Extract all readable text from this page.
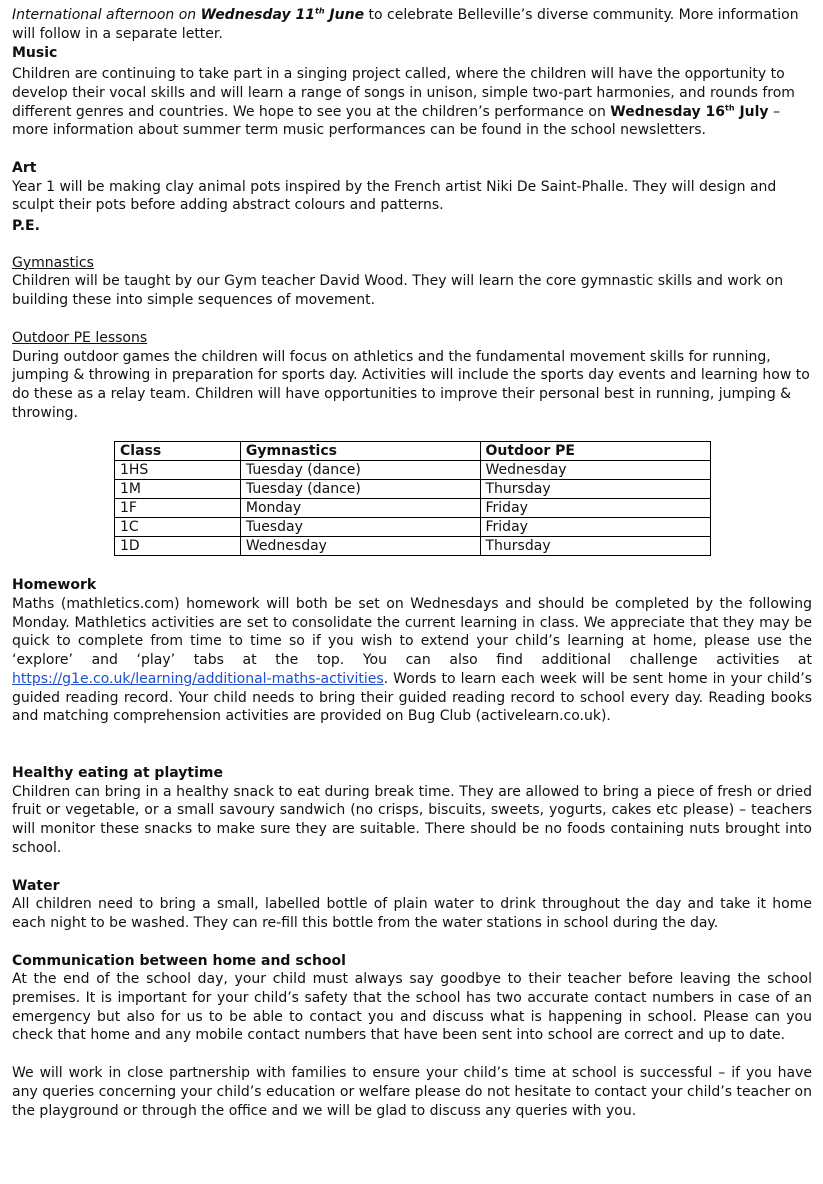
International afternoon on Wednesday 11th June to celebrate Belleville’s diverse community. More information will follow in a separate letter.

Music

Children are continuing to take part in a singing project called, where the children will have the opportunity to develop their vocal skills and will learn a range of songs in unison, simple two-part harmonies, and rounds from different genres and countries. We hope to see you at the children’s performance on Wednesday 16th July – more information about summer term music performances can be found in the school newsletters.

Art

Year 1 will be making clay animal pots inspired by the French artist Niki De Saint-Phalle. They will design and sculpt their pots before adding abstract colours and patterns.

P.E.

Gymnastics

Children will be taught by our Gym teacher David Wood. They will learn the core gymnastic skills and work on building these into simple sequences of movement.

Outdoor PE lessons

During outdoor games the children will focus on athletics and the fundamental movement skills for running, jumping & throwing in preparation for sports day. Activities will include the sports day events and learning how to do these as a relay team. Children will have opportunities to improve their personal best in running, jumping & throwing.

Class	Gymnastics	Outdoor PE
1HS	Tuesday (dance)	Wednesday
1M	Tuesday (dance)	Thursday
1F	Monday	Friday
1C	Tuesday	Friday
1D	Wednesday	Thursday

Homework

Maths (mathletics.com) homework will both be set on Wednesdays and should be completed by the following Monday. Mathletics activities are set to consolidate the current learning in class. We appreciate that they may be quick to complete from time to time so if you wish to extend your child’s learning at home, please use the ‘explore’ and ‘play’ tabs at the top. You can also find additional challenge activities at https://g1e.co.uk/learning/additional-maths-activities. Words to learn each week will be sent home in your child’s guided reading record. Your child needs to bring their guided reading record to school every day. Reading books and matching comprehension activities are provided on Bug Club (activelearn.co.uk).

Healthy eating at playtime

Children can bring in a healthy snack to eat during break time. They are allowed to bring a piece of fresh or dried fruit or vegetable, or a small savoury sandwich (no crisps, biscuits, sweets, yogurts, cakes etc please) – teachers will monitor these snacks to make sure they are suitable. There should be no foods containing nuts brought into school.

Water

All children need to bring a small, labelled bottle of plain water to drink throughout the day and take it home each night to be washed. They can re-fill this bottle from the water stations in school during the day.

Communication between home and school

At the end of the school day, your child must always say goodbye to their teacher before leaving the school premises. It is important for your child’s safety that the school has two accurate contact numbers in case of an emergency but also for us to be able to contact you and discuss what is happening in school. Please can you check that home and any mobile contact numbers that have been sent into school are correct and up to date.

We will work in close partnership with families to ensure your child’s time at school is successful – if you have any queries concerning your child’s education or welfare please do not hesitate to contact your child’s teacher on the playground or through the office and we will be glad to discuss any queries with you.
